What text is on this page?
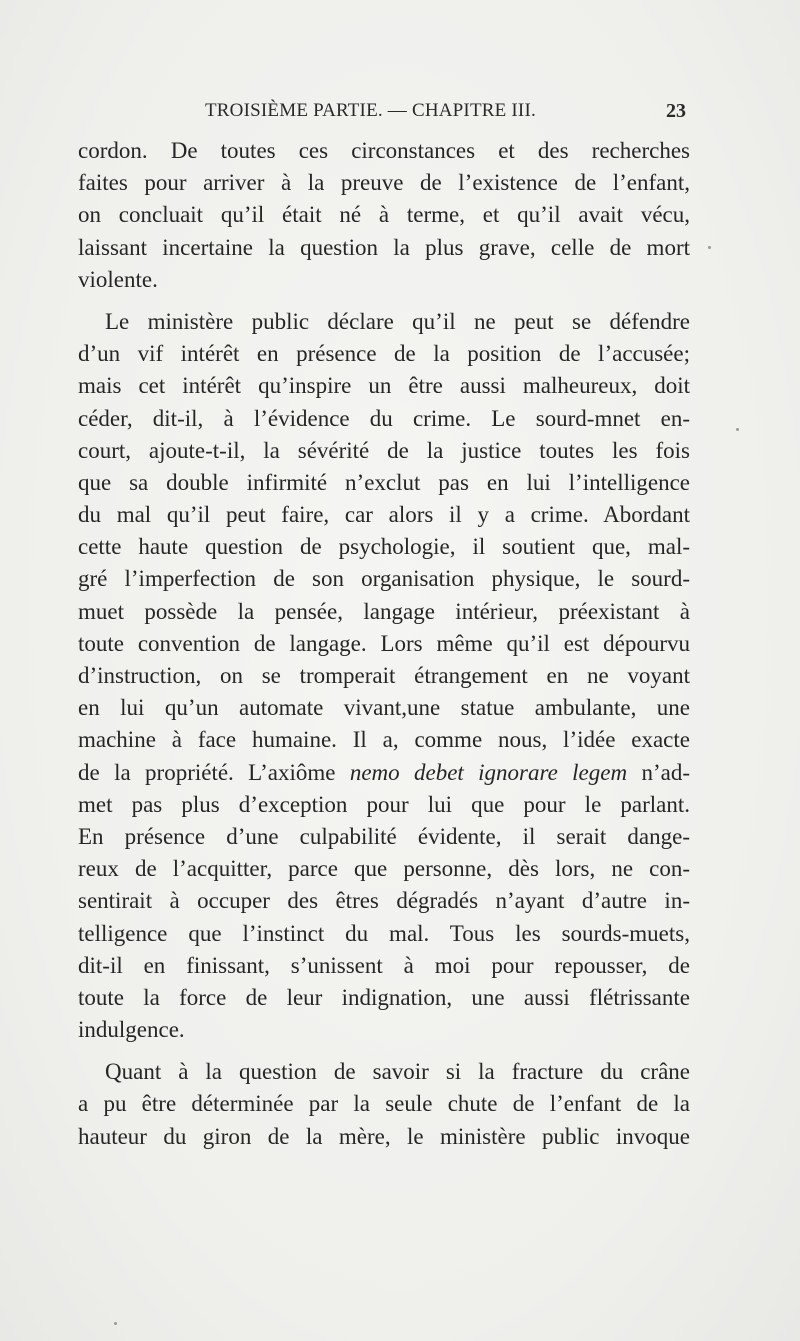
TROISIÈME PARTIE. — CHAPITRE III.	23

cordon. De toutes ces circonstances et des recherches
faites pour arriver à la preuve de l’existence de l’enfant,
on concluait qu’il était né à terme, et qu’il avait vécu,
laissant incertaine la question la plus grave, celle de mort
violente.

Le ministère public déclare qu’il ne peut se défendre
d’un vif intérêt en présence de la position de l’accusée;
mais cet intérêt qu’inspire un être aussi malheureux, doit
céder, dit-il, à l’évidence du crime. Le sourd-mnet en-
court, ajoute-t-il, la sévérité de la justice toutes les fois
que sa double infirmité n’exclut pas en lui l’intelligence
du mal qu’il peut faire, car alors il y a crime. Abordant
cette haute question de psychologie, il soutient que, mal-
gré l’imperfection de son organisation physique, le sourd-
muet possède la pensée, langage intérieur, préexistant à
toute convention de langage. Lors même qu’il est dépourvu
d’instruction, on se tromperait étrangement en ne voyant
en lui qu’un automate vivant,une statue ambulante, une
machine à face humaine. Il a, comme nous, l’idée exacte
de la propriété. L’axiôme nemo debet ignorare legem n’ad-
met pas plus d’exception pour lui que pour le parlant.
En présence d’une culpabilité évidente, il serait dange-
reux de l’acquitter, parce que personne, dès lors, ne con-
sentirait à occuper des êtres dégradés n’ayant d’autre in-
telligence que l’instinct du mal. Tous les sourds-muets,
dit-il en finissant, s’unissent à moi pour repousser, de
toute la force de leur indignation, une aussi flétrissante
indulgence.

Quant à la question de savoir si la fracture du crâne
a pu être déterminée par la seule chute de l’enfant de la
hauteur du giron de la mère, le ministère public invoque
